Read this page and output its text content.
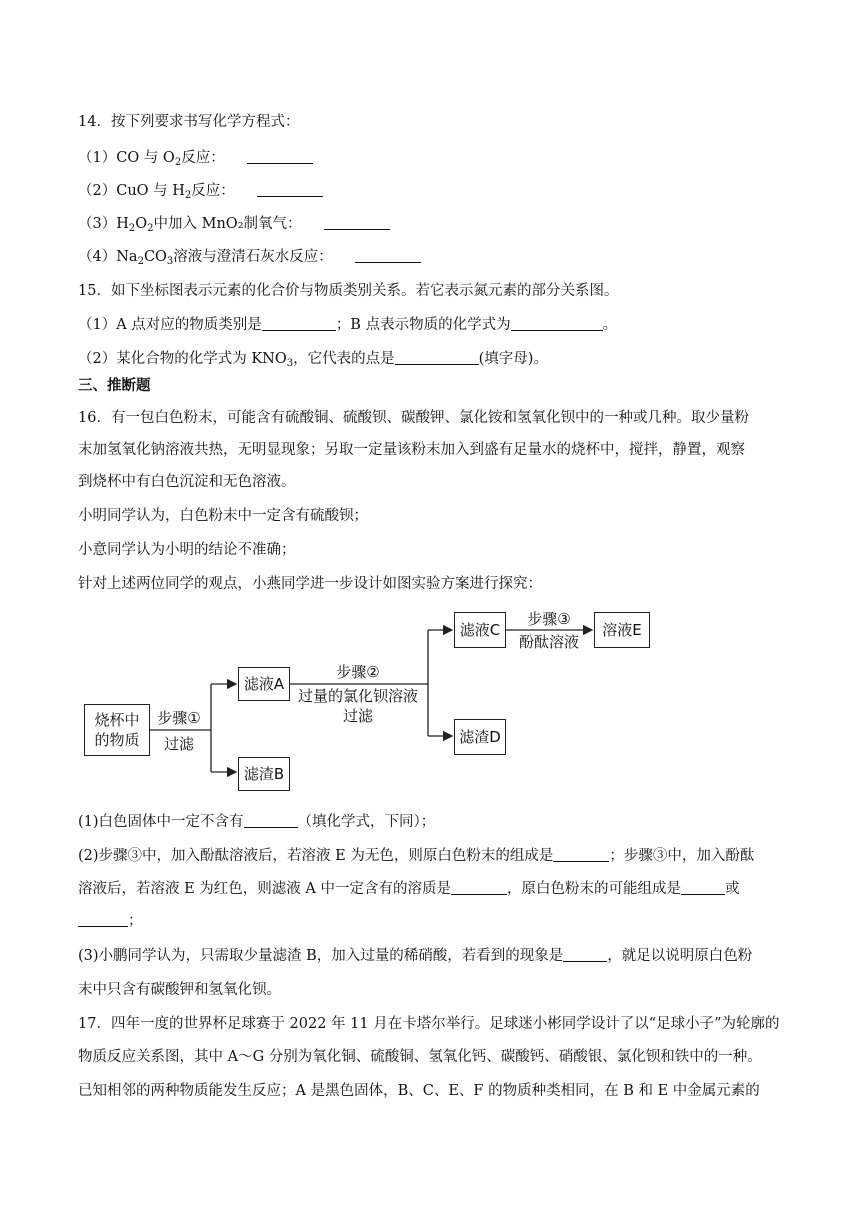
14．按下列要求书写化学方程式：
（1）CO 与 $O_2$反应：
（2）CuO 与 $H_2$反应：
$(3)H_2O_2$中加入 MnO₂制氧气：
$(4)Na_2CO_3$溶液与澄清石灰水反应：
15．如下坐标图表示元素的化合价与物质类别关系。若它表示氮元素的部分关系图。
（1）A 点对应的物质类别是	；B 点表示物质的化学式为	。
（2）某化合物的化学式为 $KNO_3$，它代表的点是	(填字母)。
三、推断题
16．有一包白色粉末，可能含有硫酸铜、硫酸钡、碳酸钾、氯化铵和氢氧化钡中的一种或几种。取少量粉
末加氢氧化钠溶液共热，无明显现象；另取一定量该粉末加入到盛有足量水的烧杯中，搅拌，静置，观察
到烧杯中有白色沉淀和无色溶液。
小明同学认为，白色粉末中一定含有硫酸钡；
小意同学认为小明的结论不准确；
针对上述两位同学的观点，小燕同学进一步设计如图实验方案进行探究：
烧杯中
的物质
步骤①
过滤
滤液A
滤渣B
步骤②
过量的氯化钡溶液
过滤
滤液C
滤渣D
步骤③
酚酞溶液
溶液E
(1)白色固体中一定不含有	（填化学式，下同）；
(2)步骤③中，加入酚酞溶液后，若溶液 E 为无色，则原白色粉末的组成是	；步骤③中，加入酚酞
溶液后，若溶液 E 为红色，则滤液 A 中一定含有的溶质是	，原白色粉末的可能组成是	或
；
(3)小鹏同学认为，只需取少量滤渣 B，加入过量的稀硝酸，若看到的现象是	，就足以说明原白色粉
末中只含有碳酸钾和氢氧化钡。
17．四年一度的世界杯足球赛于 2022 年 11 月在卡塔尔举行。足球迷小彬同学设计了以“足球小子”为轮廓的
物质反应关系图，其中 A～G 分别为氧化铜、硫酸铜、氢氧化钙、碳酸钙、硝酸银、氯化钡和铁中的一种。
已知相邻的两种物质能发生反应；A 是黑色固体，B、C、E、F 的物质种类相同，在 B 和 E 中金属元素的
